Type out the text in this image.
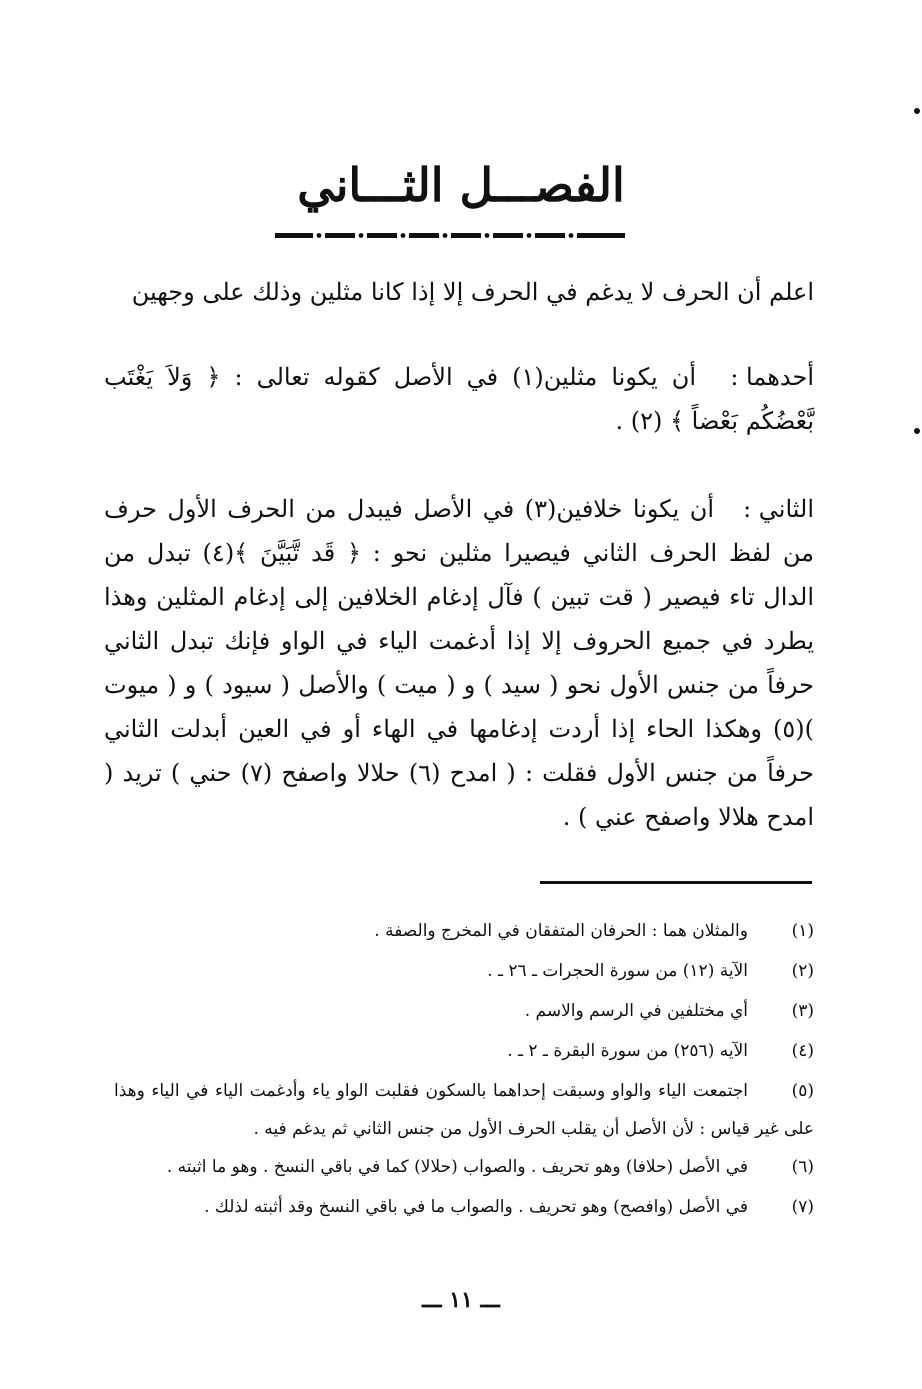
الفصـــل الثـــاني
اعلم أن الحرف لا يدغم في الحرف إلا إذا كانا مثلين وذلك على وجهين
أحدهما :
أن يكونا مثلين(١) في الأصل كقوله تعالى : ﴿ وَلاَ يَغْتَب بَّعْضُكُم بَعْضاً ﴾ (٢) .
الثاني :
أن يكونا خلافين(٣) في الأصل فيبدل من الحرف الأول حرف من لفظ الحرف الثاني فيصيرا مثلين نحو : ﴿ قَد تَّبَيَّنَ ﴾(٤) تبدل من الدال تاء فيصير ( قت تبين ) فآل إدغام الخلافين إلى إدغام المثلين وهذا يطرد في جميع الحروف إلا إذا أدغمت الياء في الواو فإنك تبدل الثاني حرفاً من جنس الأول نحو ( سيد ) و ( ميت ) والأصل ( سيود ) و ( ميوت )(٥) وهكذا الحاء إذا أردت إدغامها في الهاء أو في العين أبدلت الثاني حرفاً من جنس الأول فقلت : ( امدح (٦) حلالا واصفح (٧) حني ) تريد ( امدح هلالا واصفح عني ) .
(١)
والمثلان هما : الحرفان المتفقان في المخرج والصفة .
(٢)
الآية (١٢) من سورة الحجرات ـ ٢٦ ـ .
(٣)
أي مختلفين في الرسم والاسم .
(٤)
الآيه (٢٥٦) من سورة البقرة ـ ٢ ـ .
(٥)
اجتمعت الياء والواو وسبقت إحداهما بالسكون فقلبت الواو ياء وأدغمت الياء في الياء وهذا على غير قياس : لأن الأصل أن يقلب الحرف الأول من جنس الثاني ثم يدغم فيه .
(٦)
في الأصل (حلافا) وهو تحريف . والصواب (حلالا) كما في باقي النسخ . وهو ما اثبته .
(٧)
في الأصل (وافصح) وهو تحريف . والصواب ما في باقي النسخ وقد أثبته لذلك .
ـــ ١١ ـــ
